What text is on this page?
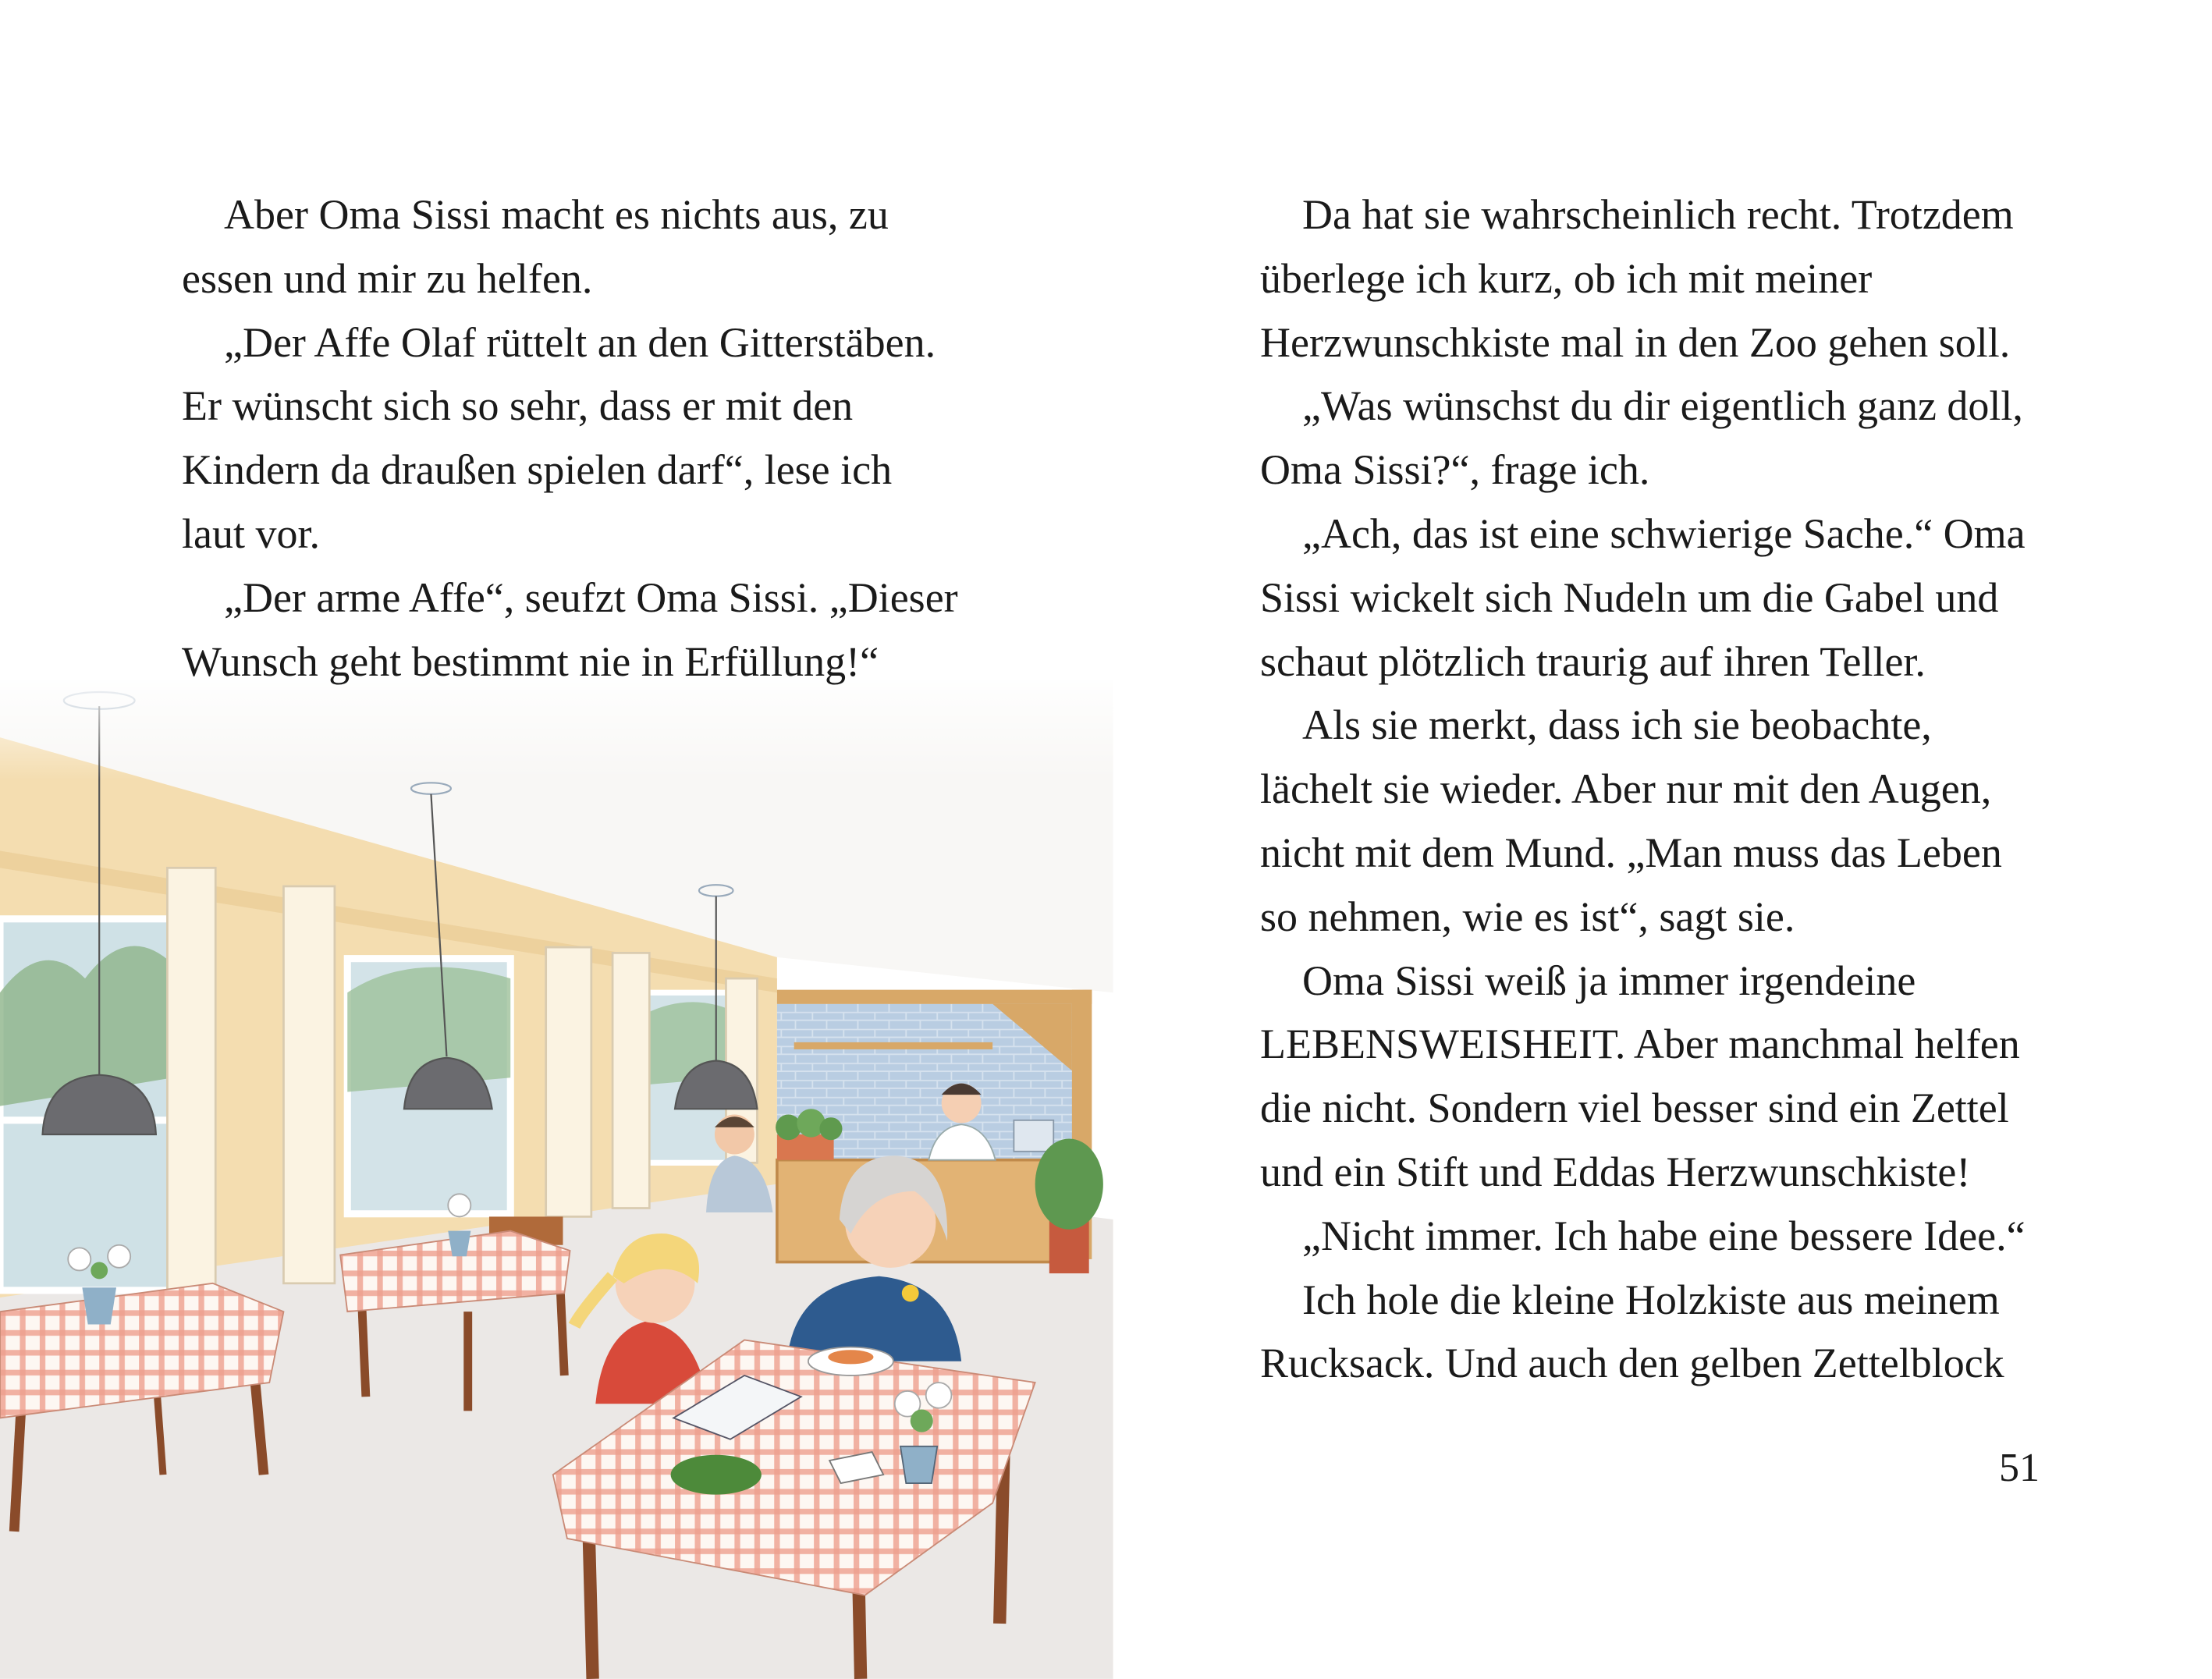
Aber Oma Sissi macht es nichts aus, zu
essen und mir zu helfen.
„Der Affe Olaf rüttelt an den Gitterstäben.
Er wünscht sich so sehr, dass er mit den
Kindern da draußen spielen darf“, lese ich
laut vor.
„Der arme Affe“, seufzt Oma Sissi. „Dieser
Wunsch geht bestimmt nie in Erfüllung!“
Da hat sie wahrscheinlich recht. Trotzdem
überlege ich kurz, ob ich mit meiner
Herzwunschkiste mal in den Zoo gehen soll.
„Was wünschst du dir eigentlich ganz doll,
Oma Sissi?“, frage ich.
„Ach, das ist eine schwierige Sache.“ Oma
Sissi wickelt sich Nudeln um die Gabel und
schaut plötzlich traurig auf ihren Teller.
Als sie merkt, dass ich sie beobachte,
lächelt sie wieder. Aber nur mit den Augen,
nicht mit dem Mund. „Man muss das Leben
so nehmen, wie es ist“, sagt sie.
Oma Sissi weiß ja immer irgendeine
LEBENSWEISHEIT. Aber manchmal helfen
die nicht. Sondern viel besser sind ein Zettel
und ein Stift und Eddas Herzwunschkiste!
„Nicht immer. Ich habe eine bessere Idee.“
Ich hole die kleine Holzkiste aus meinem
Rucksack. Und auch den gelben Zettelblock
51
